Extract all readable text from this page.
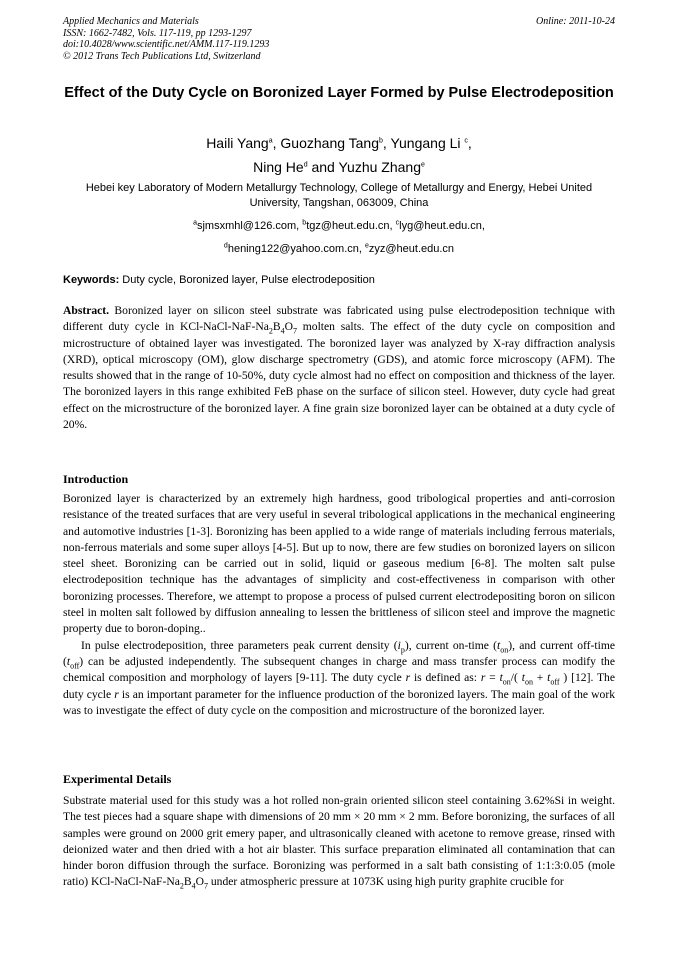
Applied Mechanics and Materials
ISSN: 1662-7482, Vols. 117-119, pp 1293-1297
doi:10.4028/www.scientific.net/AMM.117-119.1293
© 2012 Trans Tech Publications Ltd, Switzerland
Online: 2011-10-24
Effect of the Duty Cycle on Boronized Layer Formed by Pulse Electrodeposition
Haili Yang$^a$, Guozhang Tang$^b$, Yungang Li $^c$,
Ning He$^d$ and Yuzhu Zhang$^e$
Hebei key Laboratory of Modern Metallurgy Technology, College of Metallurgy and Energy, Hebei United University, Tangshan, 063009, China
$^a$sjmsxmhl@126.com, $^b$tgz@heut.edu.cn, $^c$lyg@heut.edu.cn,
$^d$hening122@yahoo.com.cn, $^e$zyz@heut.edu.cn
Keywords: Duty cycle, Boronized layer, Pulse electrodeposition
Abstract. Boronized layer on silicon steel substrate was fabricated using pulse electrodeposition technique with different duty cycle in KCl-$NaCl-NaF-Na_2B_4O_7$ molten salts. The effect of the duty cycle on composition and microstructure of obtained layer was investigated. The boronized layer was analyzed by X-ray diffraction analysis (XRD), optical microscopy (OM), glow discharge spectrometry (GDS), and atomic force microscopy (AFM). The results showed that in the range of 10-50%, duty cycle almost had no effect on composition and thickness of the layer. The boronized layers in this range exhibited FeB phase on the surface of silicon steel. However, duty cycle had great effect on the microstructure of the boronized layer. A fine grain size boronized layer can be obtained at a duty cycle of 20%.
Introduction

Boronized layer is characterized by an extremely high hardness, good tribological properties and anti-corrosion resistance of the treated surfaces that are very useful in several tribological applications in the mechanical engineering and automotive industries [1-3]. Boronizing has been applied to a wide range of materials including ferrous materials, non-ferrous materials and some super alloys [4-5]. But up to now, there are few studies on boronized layers on silicon steel sheet. Boronizing can be carried out in solid, liquid or gaseous medium [6-8]. The molten salt pulse electrodeposition technique has the advantages of simplicity and cost-effectiveness in comparison with other boronizing processes. Therefore, we attempt to propose a process of pulsed current electrodepositing boron on silicon steel in molten salt followed by diffusion annealing to lessen the brittleness of silicon steel and improve the magnetic property due to boron-doping..

In pulse electrodeposition, three parameters peak current density $(i_p)$, current on-time $(t_{on})$, and current off-time $(t_{off})$ can be adjusted independently. The subsequent changes in charge and mass transfer process can modify the chemical composition and morphology of layers [9-11]. The duty cycle r is defined as: $r = t_{on}/$( $t_{on} + t_{off}$ ) [12]. The duty cycle r is an important parameter for the influence production of the boronized layers. The main goal of the work was to investigate the effect of duty cycle on the composition and microstructure of the boronized layer.

Experimental Details
Substrate material used for this study was a hot rolled non-grain oriented silicon steel containing 3.62%Si in weight. The test pieces had a square shape with dimensions of 20 mm × 20 mm × 2 mm. Before boronizing, the surfaces of all samples were ground on 2000 grit emery paper, and ultrasonically cleaned with acetone to remove grease, rinsed with deionized water and then dried with a hot air blaster. This surface preparation eliminated all contamination that can hinder boron diffusion through the surface. Boronizing was performed in a salt bath consisting of 1:1:3:0.05 (mole ratio) KCl-$NaCl-NaF-Na_2B_4O_7$ under atmospheric pressure at 1073K using high purity graphite crucible for
